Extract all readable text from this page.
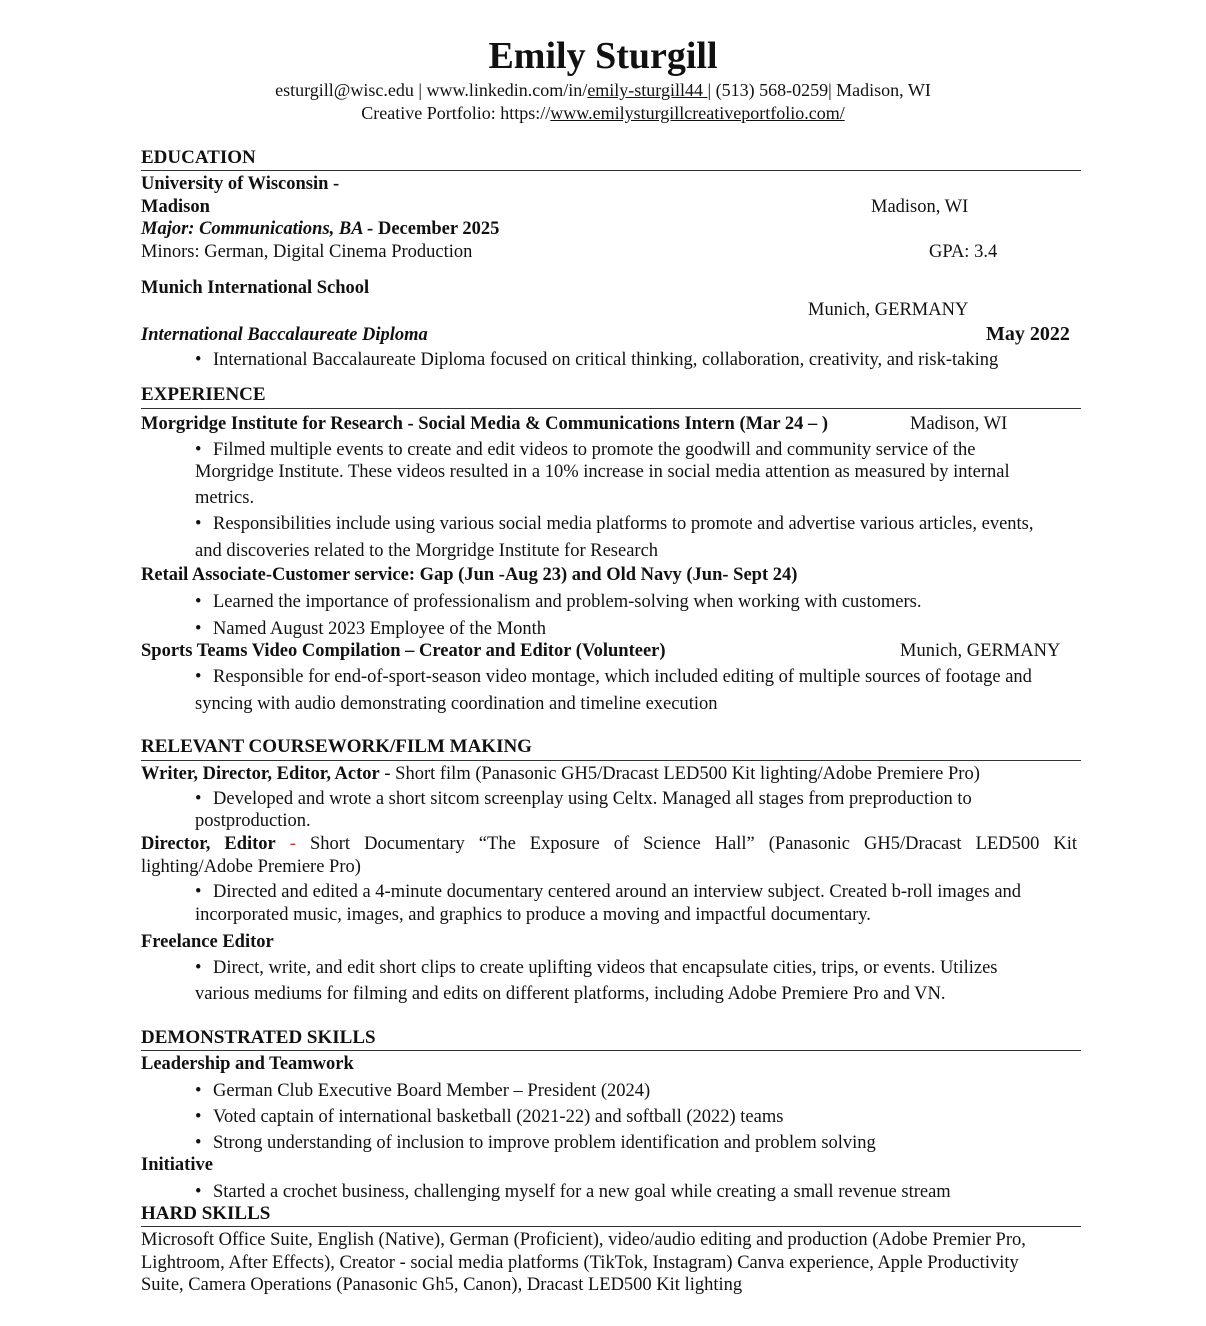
Emily Sturgill
esturgill@wisc.edu | www.linkedin.com/in/emily-sturgill44 | (513) 568-0259| Madison, WI
Creative Portfolio: https://www.emilysturgillcreativeportfolio.com/
EDUCATION
University of Wisconsin -
Madison	Madison, WI
Major: Communications, BA - December 2025
Minors: German, Digital Cinema Production	GPA: 3.4
Munich International School
Munich, GERMANY
International Baccalaureate Diploma	May 2022
• International Baccalaureate Diploma focused on critical thinking, collaboration, creativity, and risk-taking
EXPERIENCE
Morgridge Institute for Research - Social Media & Communications Intern (Mar 24 – )	Madison, WI
• Filmed multiple events to create and edit videos to promote the goodwill and community service of the
Morgridge Institute. These videos resulted in a 10% increase in social media attention as measured by internal
metrics.
• Responsibilities include using various social media platforms to promote and advertise various articles, events,
and discoveries related to the Morgridge Institute for Research
Retail Associate-Customer service: Gap (Jun -Aug 23) and Old Navy (Jun- Sept 24)
• Learned the importance of professionalism and problem-solving when working with customers.
• Named August 2023 Employee of the Month
Sports Teams Video Compilation – Creator and Editor (Volunteer)	Munich, GERMANY
• Responsible for end-of-sport-season video montage, which included editing of multiple sources of footage and
syncing with audio demonstrating coordination and timeline execution
RELEVANT COURSEWORK/FILM MAKING
Writer, Director, Editor, Actor - Short film (Panasonic GH5/Dracast LED500 Kit lighting/Adobe Premiere Pro)
• Developed and wrote a short sitcom screenplay using Celtx. Managed all stages from preproduction to
postproduction.
Director, Editor - Short Documentary “The Exposure of Science Hall” (Panasonic GH5/Dracast LED500 Kit
lighting/Adobe Premiere Pro)
• Directed and edited a 4-minute documentary centered around an interview subject. Created b-roll images and
incorporated music, images, and graphics to produce a moving and impactful documentary.
Freelance Editor
• Direct, write, and edit short clips to create uplifting videos that encapsulate cities, trips, or events. Utilizes
various mediums for filming and edits on different platforms, including Adobe Premiere Pro and VN.
DEMONSTRATED SKILLS
Leadership and Teamwork
• German Club Executive Board Member – President (2024)
• Voted captain of international basketball (2021-22) and softball (2022) teams
• Strong understanding of inclusion to improve problem identification and problem solving
Initiative
• Started a crochet business, challenging myself for a new goal while creating a small revenue stream
HARD SKILLS
Microsoft Office Suite, English (Native), German (Proficient), video/audio editing and production (Adobe Premier Pro,
Lightroom, After Effects), Creator - social media platforms (TikTok, Instagram) Canva experience, Apple Productivity
Suite, Camera Operations (Panasonic Gh5, Canon), Dracast LED500 Kit lighting
